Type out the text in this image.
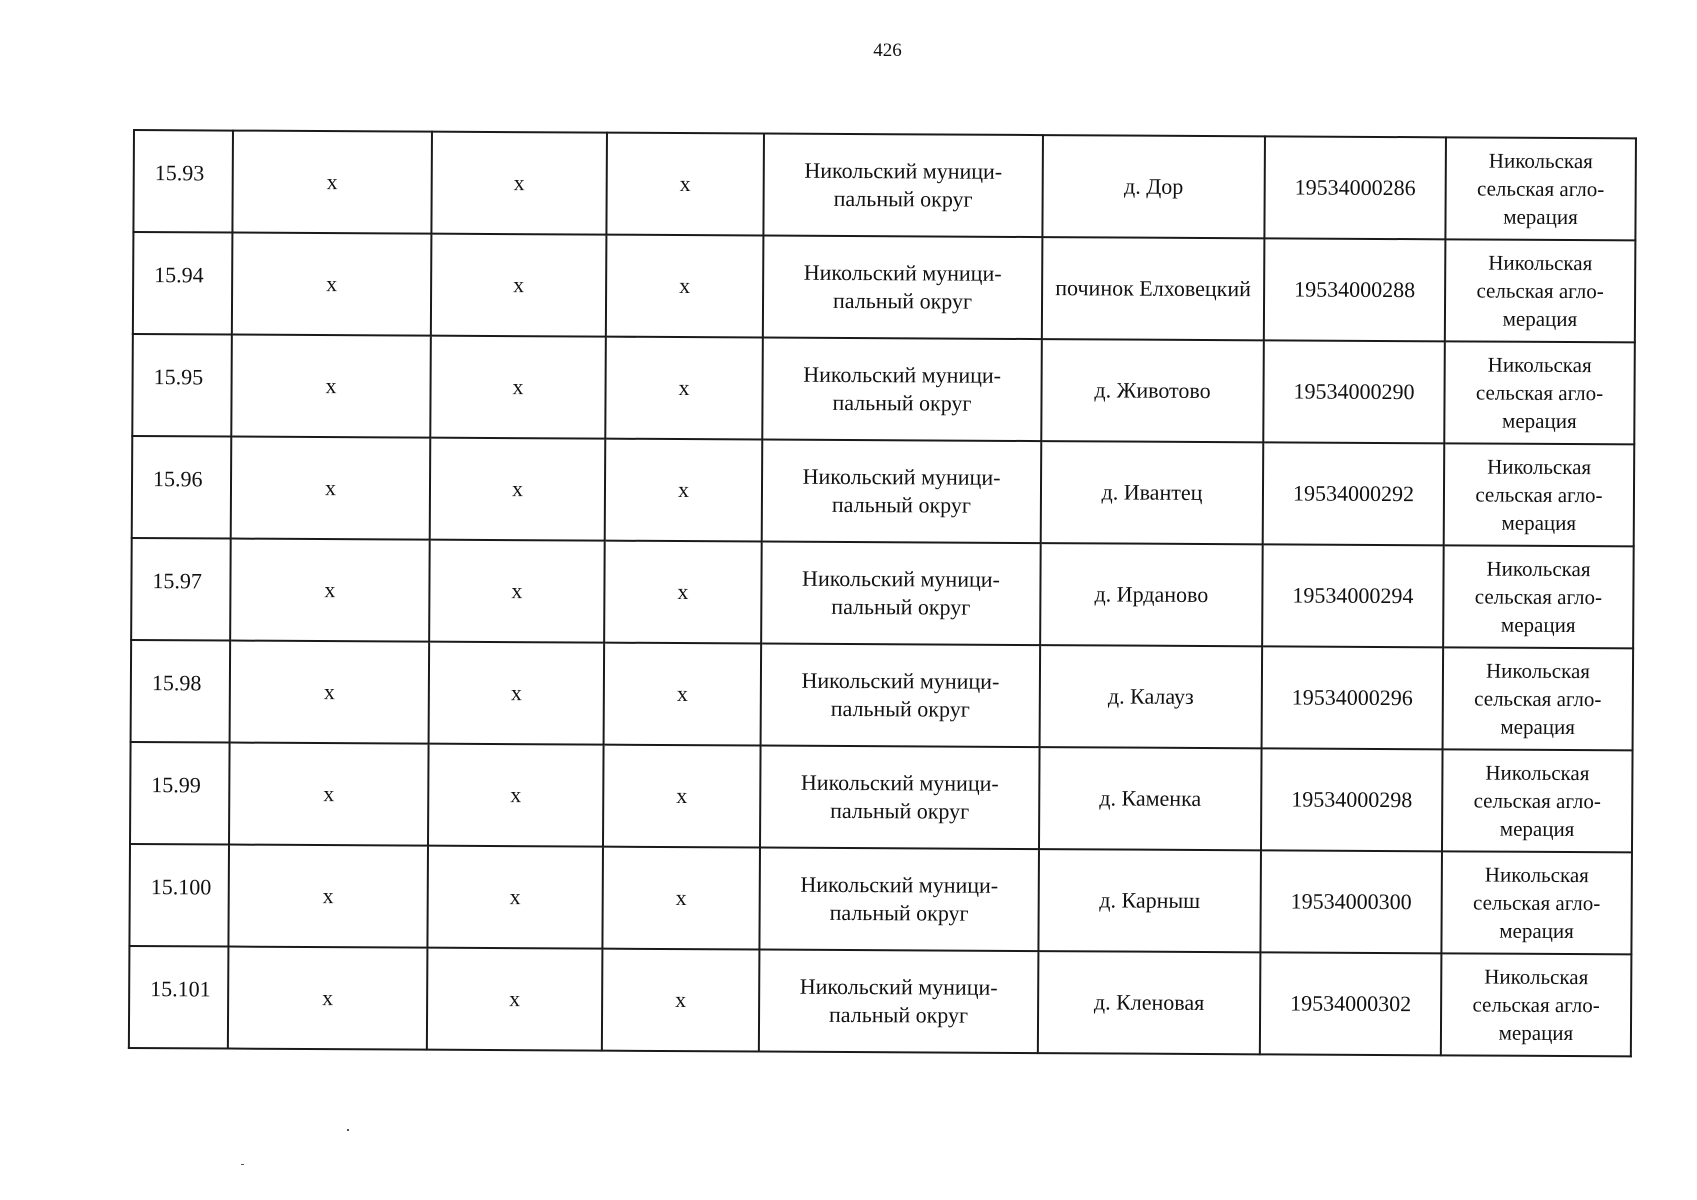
426
15.93	x	x	x	Никольский муници-пальный округ	д. Дор	19534000286	Никольская сельская агло-мерация
15.94	x	x	x	Никольский муници-пальный округ	починок Елховецкий	19534000288	Никольская сельская агло-мерация
15.95	x	x	x	Никольский муници-пальный округ	д. Животово	19534000290	Никольская сельская агло-мерация
15.96	x	x	x	Никольский муници-пальный округ	д. Ивантец	19534000292	Никольская сельская агло-мерация
15.97	x	x	x	Никольский муници-пальный округ	д. Ирданово	19534000294	Никольская сельская агло-мерация
15.98	x	x	x	Никольский муници-пальный округ	д. Калауз	19534000296	Никольская сельская агло-мерация
15.99	x	x	x	Никольский муници-пальный округ	д. Каменка	19534000298	Никольская сельская агло-мерация
15.100	x	x	x	Никольский муници-пальный округ	д. Карныш	19534000300	Никольская сельская агло-мерация
15.101	x	x	x	Никольский муници-пальный округ	д. Кленовая	19534000302	Никольская сельская агло-мерация
